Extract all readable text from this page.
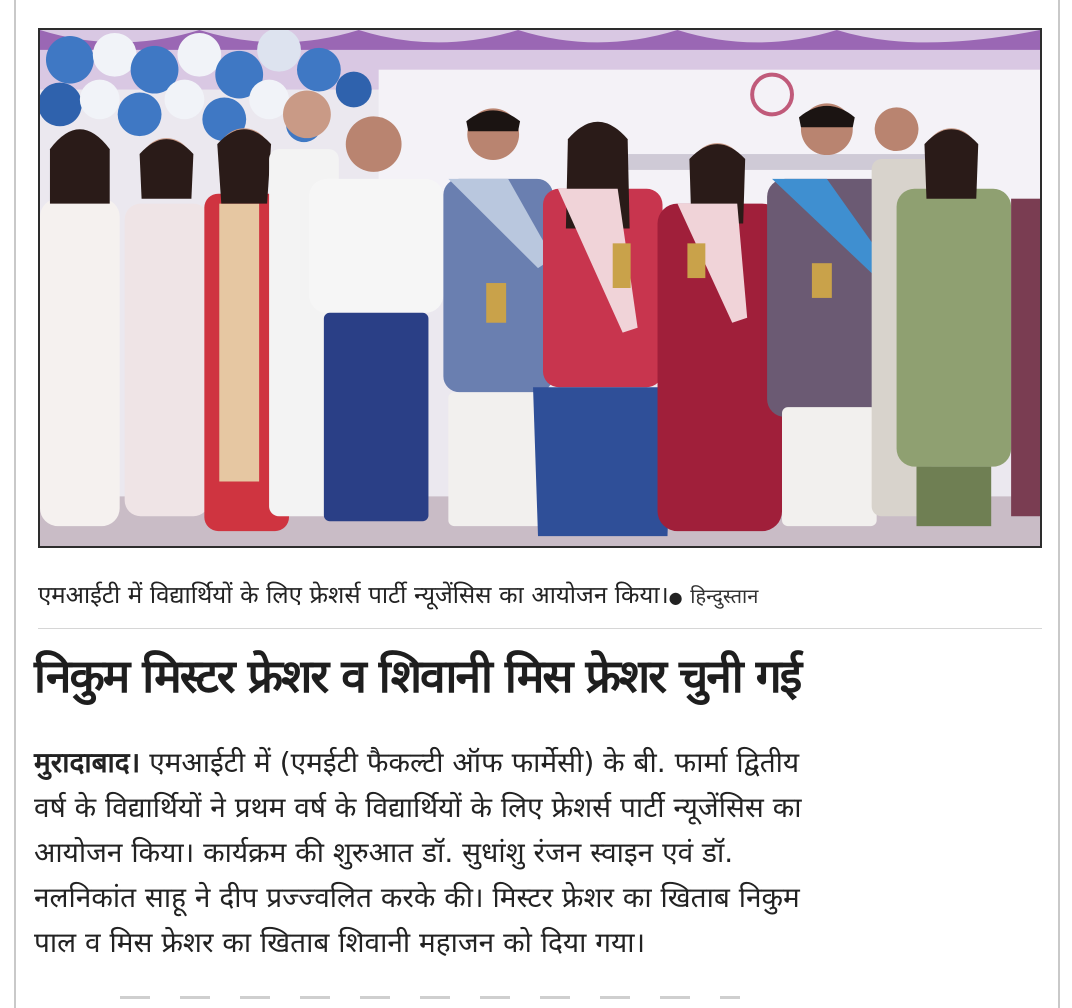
एमआईटी में विद्यार्थियों के लिए फ्रेशर्स पार्टी न्यूजेंसिस का आयोजन किया।● हिन्दुस्तान
निकुम मिस्टर फ्रेशर व शिवानी मिस फ्रेशर चुनी गई
मुरादाबाद। एमआईटी में (एमईटी फैकल्टी ऑफ फार्मेसी) के बी. फार्मा द्वितीय
वर्ष के विद्यार्थियों ने प्रथम वर्ष के विद्यार्थियों के लिए फ्रेशर्स पार्टी न्यूजेंसिस का
आयोजन किया। कार्यक्रम की शुरुआत डॉ. सुधांशु रंजन स्वाइन एवं डॉ.
नलनिकांत साहू ने दीप प्रज्ज्वलित करके की। मिस्टर फ्रेशर का खिताब निकुम
पाल व मिस फ्रेशर का खिताब शिवानी महाजन को दिया गया।
